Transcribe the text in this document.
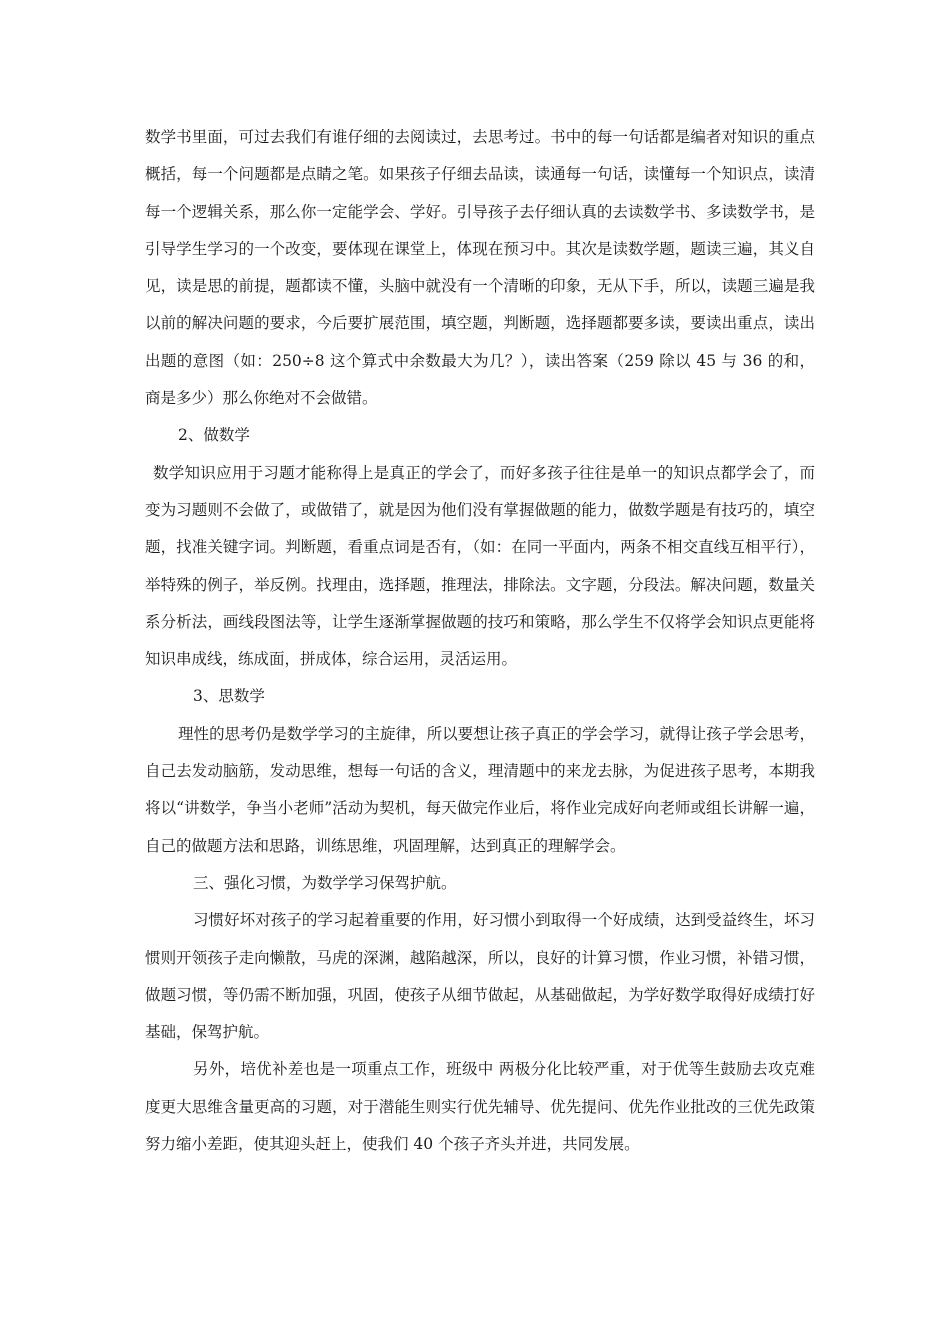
数学书里面，可过去我们有谁仔细的去阅读过，去思考过。书中的每一句话都是编者对知识的重点概括，每一个问题都是点睛之笔。如果孩子仔细去品读，读通每一句话，读懂每一个知识点，读清每一个逻辑关系，那么你一定能学会、学好。引导孩子去仔细认真的去读数学书、多读数学书，是引导学生学习的一个改变，要体现在课堂上，体现在预习中。其次是读数学题，题读三遍，其义自见，读是思的前提，题都读不懂，头脑中就没有一个清晰的印象，无从下手，所以，读题三遍是我以前的解决问题的要求，今后要扩展范围，填空题，判断题，选择题都要多读，要读出重点，读出出题的意图（如：250÷8 这个算式中余数最大为几？），读出答案（259 除以 45 与 36 的和，商是多少）那么你绝对不会做错。

2、做数学

数学知识应用于习题才能称得上是真正的学会了，而好多孩子往往是单一的知识点都学会了，而变为习题则不会做了，或做错了，就是因为他们没有掌握做题的能力，做数学题是有技巧的，填空题，找准关键字词。判断题，看重点词是否有，（如：在同一平面内，两条不相交直线互相平行），举特殊的例子，举反例。找理由，选择题，推理法，排除法。文字题，分段法。解决问题，数量关系分析法，画线段图法等，让学生逐渐掌握做题的技巧和策略，那么学生不仅将学会知识点更能将知识串成线，练成面，拼成体，综合运用，灵活运用。

3、思数学

理性的思考仍是数学学习的主旋律，所以要想让孩子真正的学会学习，就得让孩子学会思考，自己去发动脑筋，发动思维，想每一句话的含义，理清题中的来龙去脉，为促进孩子思考，本期我将以“讲数学，争当小老师”活动为契机，每天做完作业后，将作业完成好向老师或组长讲解一遍，自己的做题方法和思路，训练思维，巩固理解，达到真正的理解学会。

三、强化习惯，为数学学习保驾护航。

习惯好坏对孩子的学习起着重要的作用，好习惯小到取得一个好成绩，达到受益终生，坏习惯则开领孩子走向懒散，马虎的深渊，越陷越深，所以，良好的计算习惯，作业习惯，补错习惯，做题习惯，等仍需不断加强，巩固，使孩子从细节做起，从基础做起，为学好数学取得好成绩打好基础，保驾护航。

另外，培优补差也是一项重点工作，班级中 两极分化比较严重，对于优等生鼓励去攻克难度更大思维含量更高的习题，对于潜能生则实行优先辅导、优先提问、优先作业批改的三优先政策努力缩小差距，使其迎头赶上，使我们 40 个孩子齐头并进，共同发展。
